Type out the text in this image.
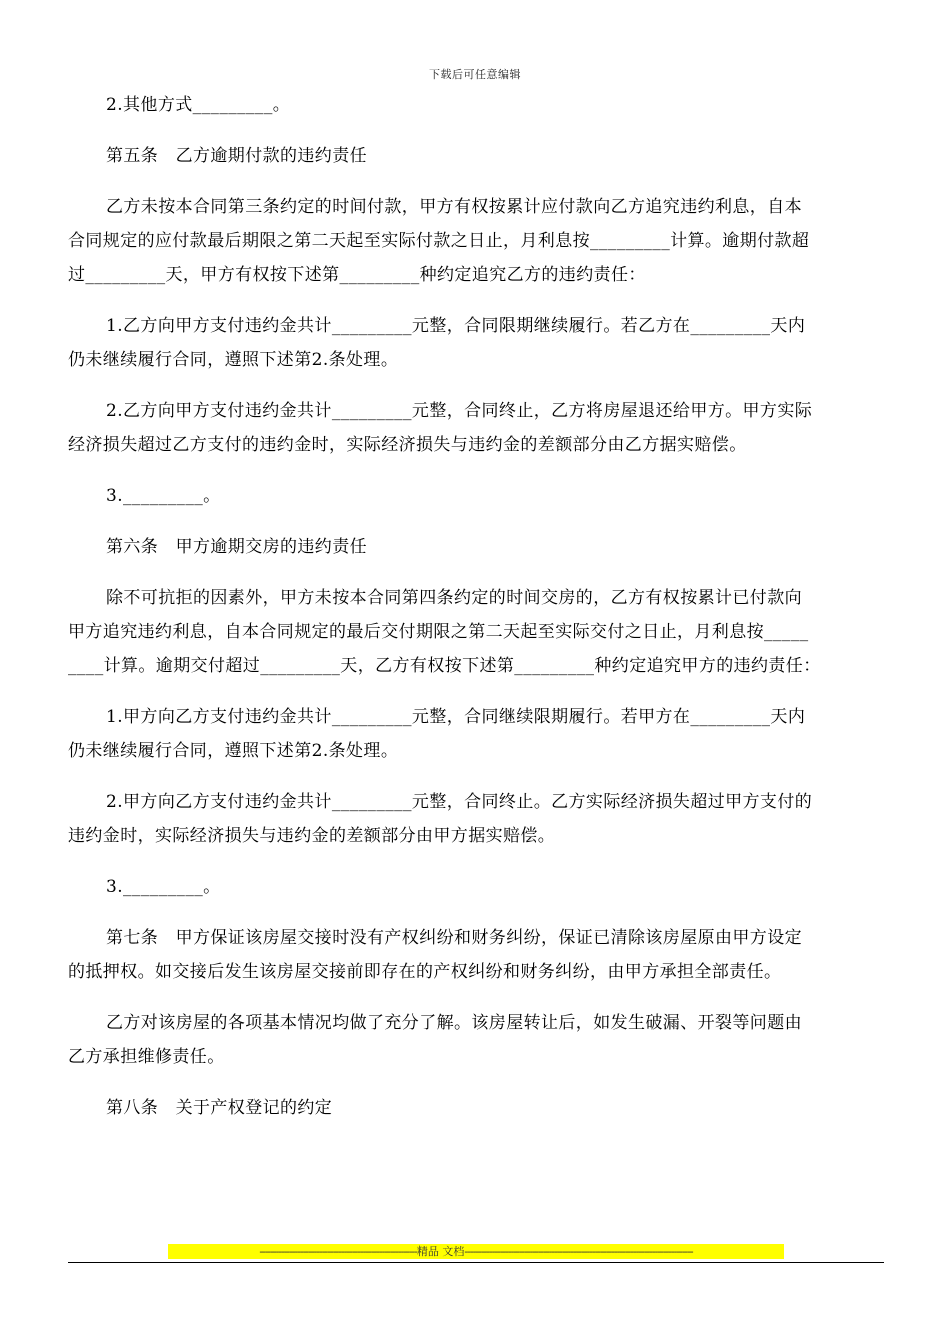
下载后可任意编辑

2.其他方式_________。

第五条　乙方逾期付款的违约责任

乙方未按本合同第三条约定的时间付款，甲方有权按累计应付款向乙方追究违约利息，自本
合同规定的应付款最后期限之第二天起至实际付款之日止，月利息按_________计算。逾期付款超
过_________天，甲方有权按下述第_________种约定追究乙方的违约责任：

1.乙方向甲方支付违约金共计_________元整，合同限期继续履行。若乙方在_________天内
仍未继续履行合同，遵照下述第2.条处理。

2.乙方向甲方支付违约金共计_________元整，合同终止，乙方将房屋退还给甲方。甲方实际
经济损失超过乙方支付的违约金时，实际经济损失与违约金的差额部分由乙方据实赔偿。

3._________。

第六条　甲方逾期交房的违约责任

除不可抗拒的因素外，甲方未按本合同第四条约定的时间交房的，乙方有权按累计已付款向
甲方追究违约利息，自本合同规定的最后交付期限之第二天起至实际交付之日止，月利息按_____
____计算。逾期交付超过_________天，乙方有权按下述第_________种约定追究甲方的违约责任：

1.甲方向乙方支付违约金共计_________元整，合同继续限期履行。若甲方在_________天内
仍未继续履行合同，遵照下述第2.条处理。

2.甲方向乙方支付违约金共计_________元整，合同终止。乙方实际经济损失超过甲方支付的
违约金时，实际经济损失与违约金的差额部分由甲方据实赔偿。

3._________。

第七条　甲方保证该房屋交接时没有产权纠纷和财务纠纷，保证已清除该房屋原由甲方设定
的抵押权。如交接后发生该房屋交接前即存在的产权纠纷和财务纠纷，由甲方承担全部责任。

乙方对该房屋的各项基本情况均做了充分了解。该房屋转让后，如发生破漏、开裂等问题由
乙方承担维修责任。

第八条　关于产权登记的约定

----------------------------------------------------------精品 文档------------------------------------------------------------------------------------
